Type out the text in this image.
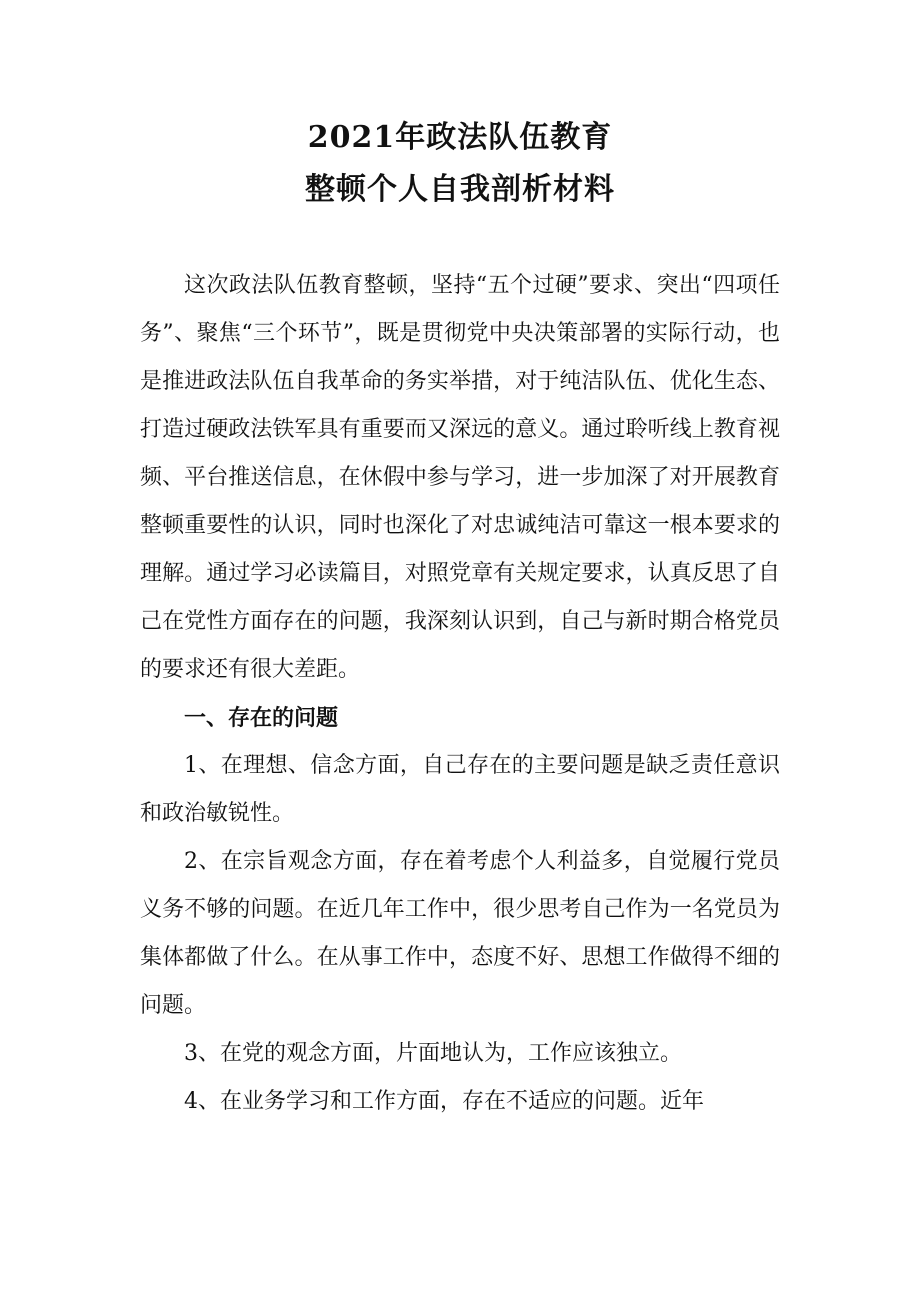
2021年政法队伍教育
整顿个人自我剖析材料

这次政法队伍教育整顿，坚持“五个过硬”要求、突出“四项任务”、聚焦“三个环节”，既是贯彻党中央决策部署的实际行动，也是推进政法队伍自我革命的务实举措，对于纯洁队伍、优化生态、打造过硬政法铁军具有重要而又深远的意义。通过聆听线上教育视频、平台推送信息，在休假中参与学习，进一步加深了对开展教育整顿重要性的认识，同时也深化了对忠诚纯洁可靠这一根本要求的理解。通过学习必读篇目，对照党章有关规定要求，认真反思了自己在党性方面存在的问题，我深刻认识到，自己与新时期合格党员的要求还有很大差距。

一、存在的问题

1、在理想、信念方面，自己存在的主要问题是缺乏责任意识和政治敏锐性。

2、在宗旨观念方面，存在着考虑个人利益多，自觉履行党员义务不够的问题。在近几年工作中，很少思考自己作为一名党员为集体都做了什么。在从事工作中，态度不好、思想工作做得不细的问题。

3、在党的观念方面，片面地认为，工作应该独立。

4、在业务学习和工作方面，存在不适应的问题。近年
